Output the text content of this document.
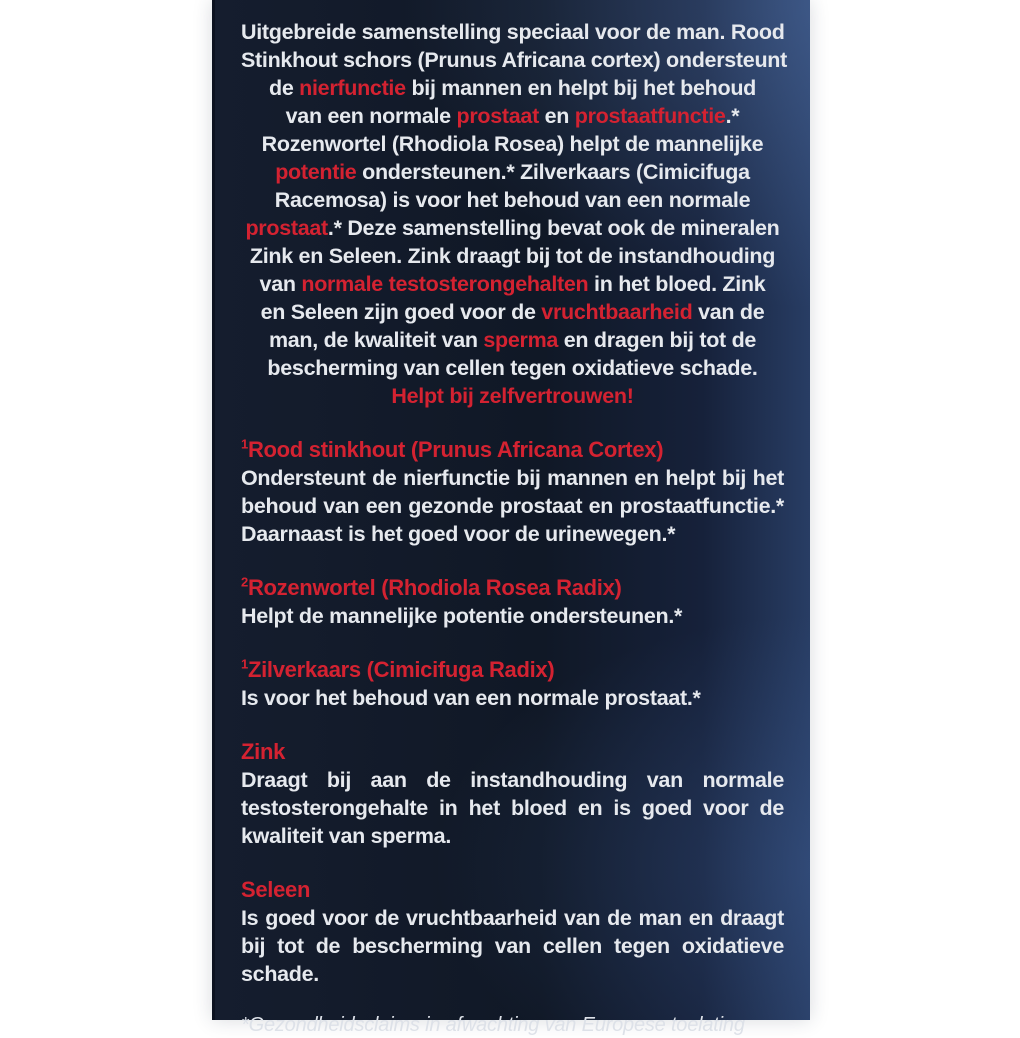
Uitgebreide samenstelling speciaal voor de man. Rood
Stinkhout schors (Prunus Africana cortex) ondersteunt
de nierfunctie bij mannen en helpt bij het behoud
van een normale prostaat en prostaatfunctie.*
Rozenwortel (Rhodiola Rosea) helpt de mannelijke
potentie ondersteunen.* Zilverkaars (Cimicifuga
Racemosa) is voor het behoud van een normale
prostaat.* Deze samenstelling bevat ook de mineralen
Zink en Seleen. Zink draagt bij tot de instandhouding
van normale testosterongehalten in het bloed. Zink
en Seleen zijn goed voor de vruchtbaarheid van de
man, de kwaliteit van sperma en dragen bij tot de
bescherming van cellen tegen oxidatieve schade.
Helpt bij zelfvertrouwen!
$^1$Rood stinkhout (Prunus Africana Cortex)
Ondersteunt de nierfunctie bij mannen en helpt bij het behoud van een gezonde prostaat en prostaatfunctie.* Daarnaast is het goed voor de urinewegen.*
$^2$Rozenwortel (Rhodiola Rosea Radix)
Helpt de mannelijke potentie ondersteunen.*
$^1$Zilverkaars (Cimicifuga Radix)
Is voor het behoud van een normale prostaat.*
Zink
Draagt bij aan de instandhouding van normale testosterongehalte in het bloed en is goed voor de kwaliteit van sperma.
Seleen
Is goed voor de vruchtbaarheid van de man en draagt bij tot de bescherming van cellen tegen oxidatieve schade.
*Gezondheidsclaims in afwachting van Europese toelating
